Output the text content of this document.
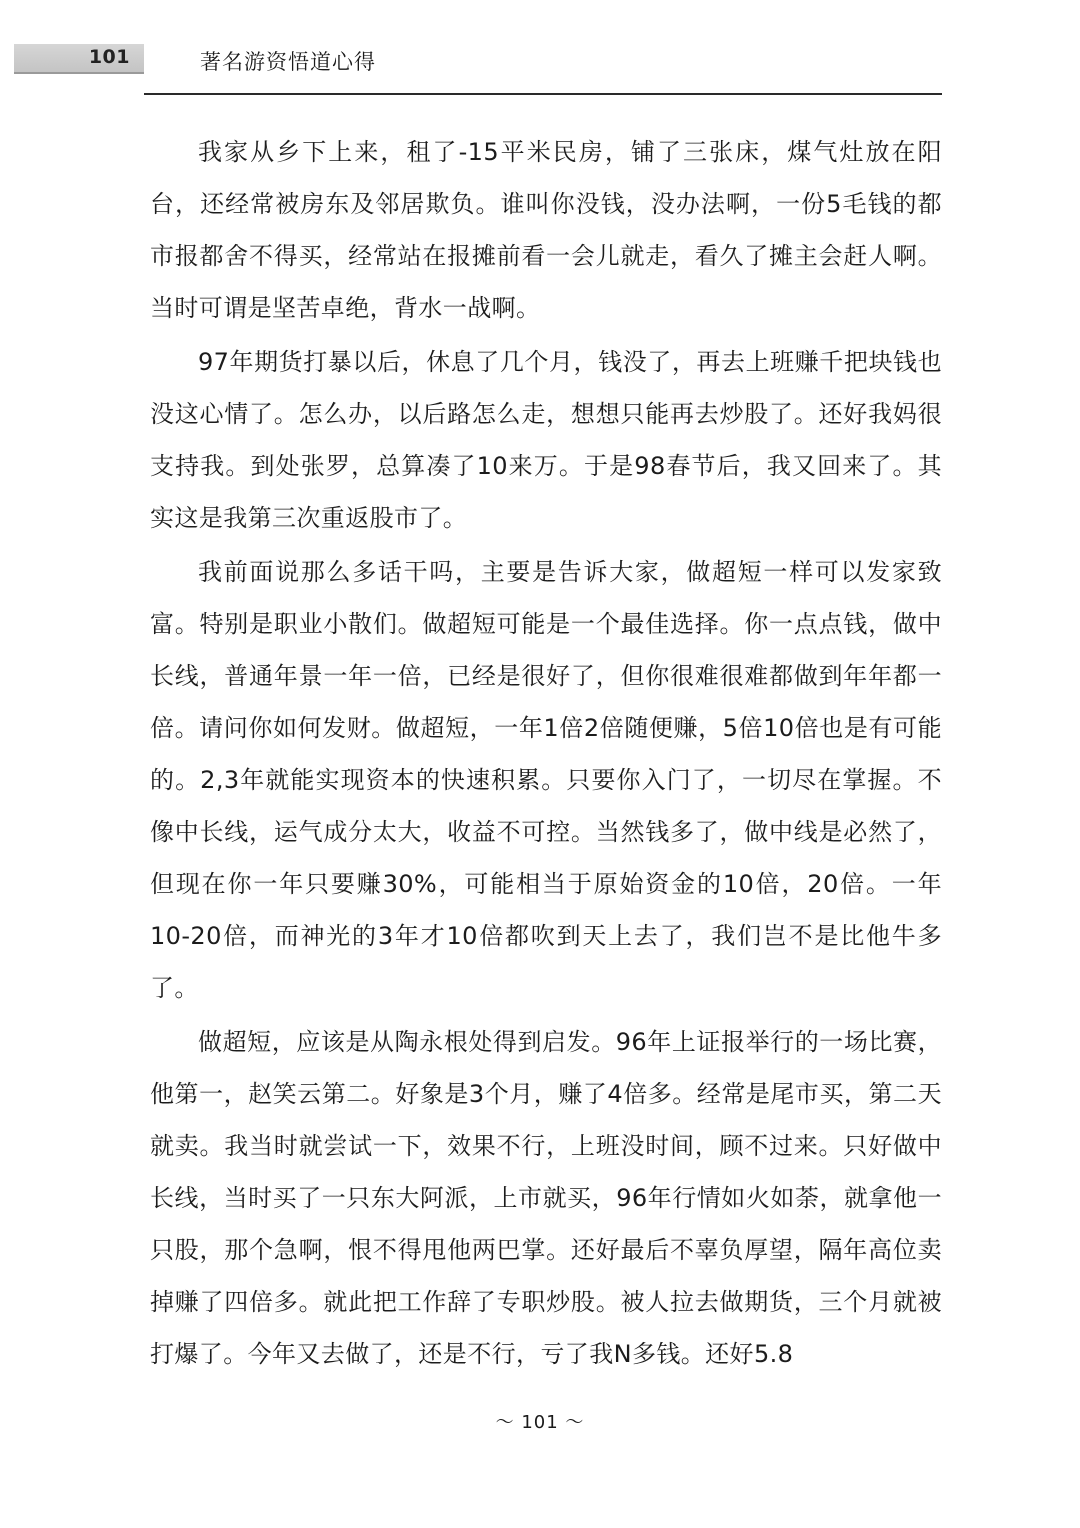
101	著名游资悟道心得

我家从乡下上来，租了-15平米民房，铺了三张床，煤气灶放在阳台，还经常被房东及邻居欺负。谁叫你没钱，没办法啊，一份5毛钱的都市报都舍不得买，经常站在报摊前看一会儿就走，看久了摊主会赶人啊。当时可谓是坚苦卓绝，背水一战啊。

97年期货打暴以后，休息了几个月，钱没了，再去上班赚千把块钱也没这心情了。怎么办，以后路怎么走，想想只能再去炒股了。还好我妈很支持我。到处张罗，总算凑了10来万。于是98春节后，我又回来了。其实这是我第三次重返股市了。

我前面说那么多话干吗，主要是告诉大家，做超短一样可以发家致富。特别是职业小散们。做超短可能是一个最佳选择。你一点点钱，做中长线，普通年景一年一倍，已经是很好了，但你很难很难都做到年年都一倍。请问你如何发财。做超短，一年1倍2倍随便赚，5倍10倍也是有可能的。2,3年就能实现资本的快速积累。只要你入门了，一切尽在掌握。不像中长线，运气成分太大，收益不可控。当然钱多了，做中线是必然了，但现在你一年只要赚30%，可能相当于原始资金的10倍，20倍。一年10-20倍，而神光的3年才10倍都吹到天上去了，我们岂不是比他牛多了。

做超短，应该是从陶永根处得到启发。96年上证报举行的一场比赛，他第一，赵笑云第二。好象是3个月，赚了4倍多。经常是尾市买，第二天就卖。我当时就尝试一下，效果不行，上班没时间，顾不过来。只好做中长线，当时买了一只东大阿派，上市就买，96年行情如火如荼，就拿他一只股，那个急啊，恨不得甩他两巴掌。还好最后不辜负厚望，隔年高位卖掉赚了四倍多。就此把工作辞了专职炒股。被人拉去做期货，三个月就被打爆了。今年又去做了，还是不行，亏了我N多钱。还好5.8

～ 101 ～
